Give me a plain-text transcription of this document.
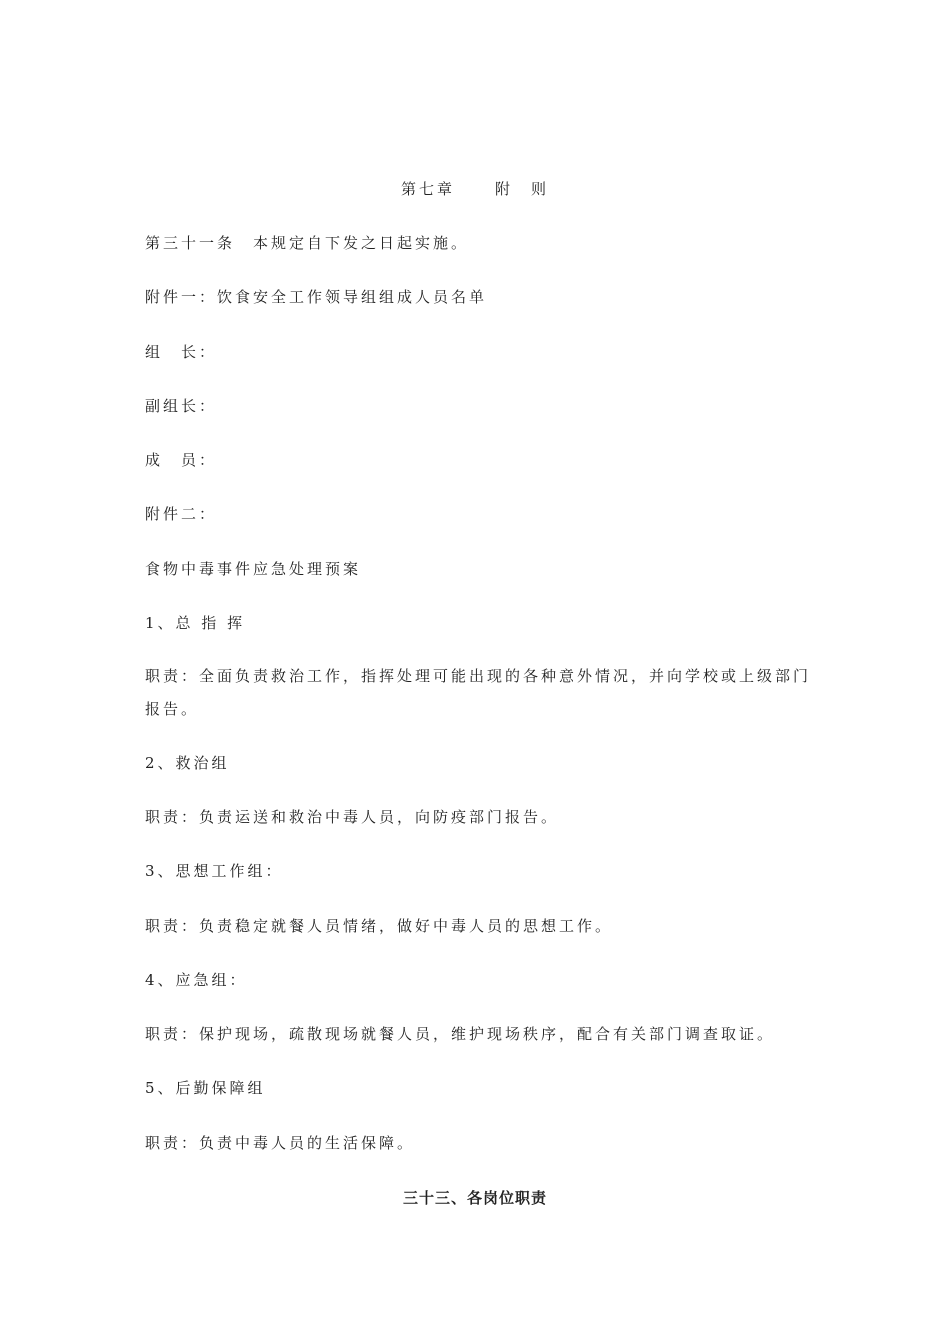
第七章	附　则
第三十一条 本规定自下发之日起实施。
附件一：饮食安全工作领导组组成人员名单
组　长：
副组长：
成　员：
附件二：
食物中毒事件应急处理预案
1、总 指 挥
职责：全面负责救治工作，指挥处理可能出现的各种意外情况，并向学校或上级部门报告。
2、救治组
职责：负责运送和救治中毒人员，向防疫部门报告。
3、思想工作组：
职责：负责稳定就餐人员情绪，做好中毒人员的思想工作。
4、应急组：
职责：保护现场，疏散现场就餐人员，维护现场秩序，配合有关部门调查取证。
5、后勤保障组
职责：负责中毒人员的生活保障。
三十三、各岗位职责
